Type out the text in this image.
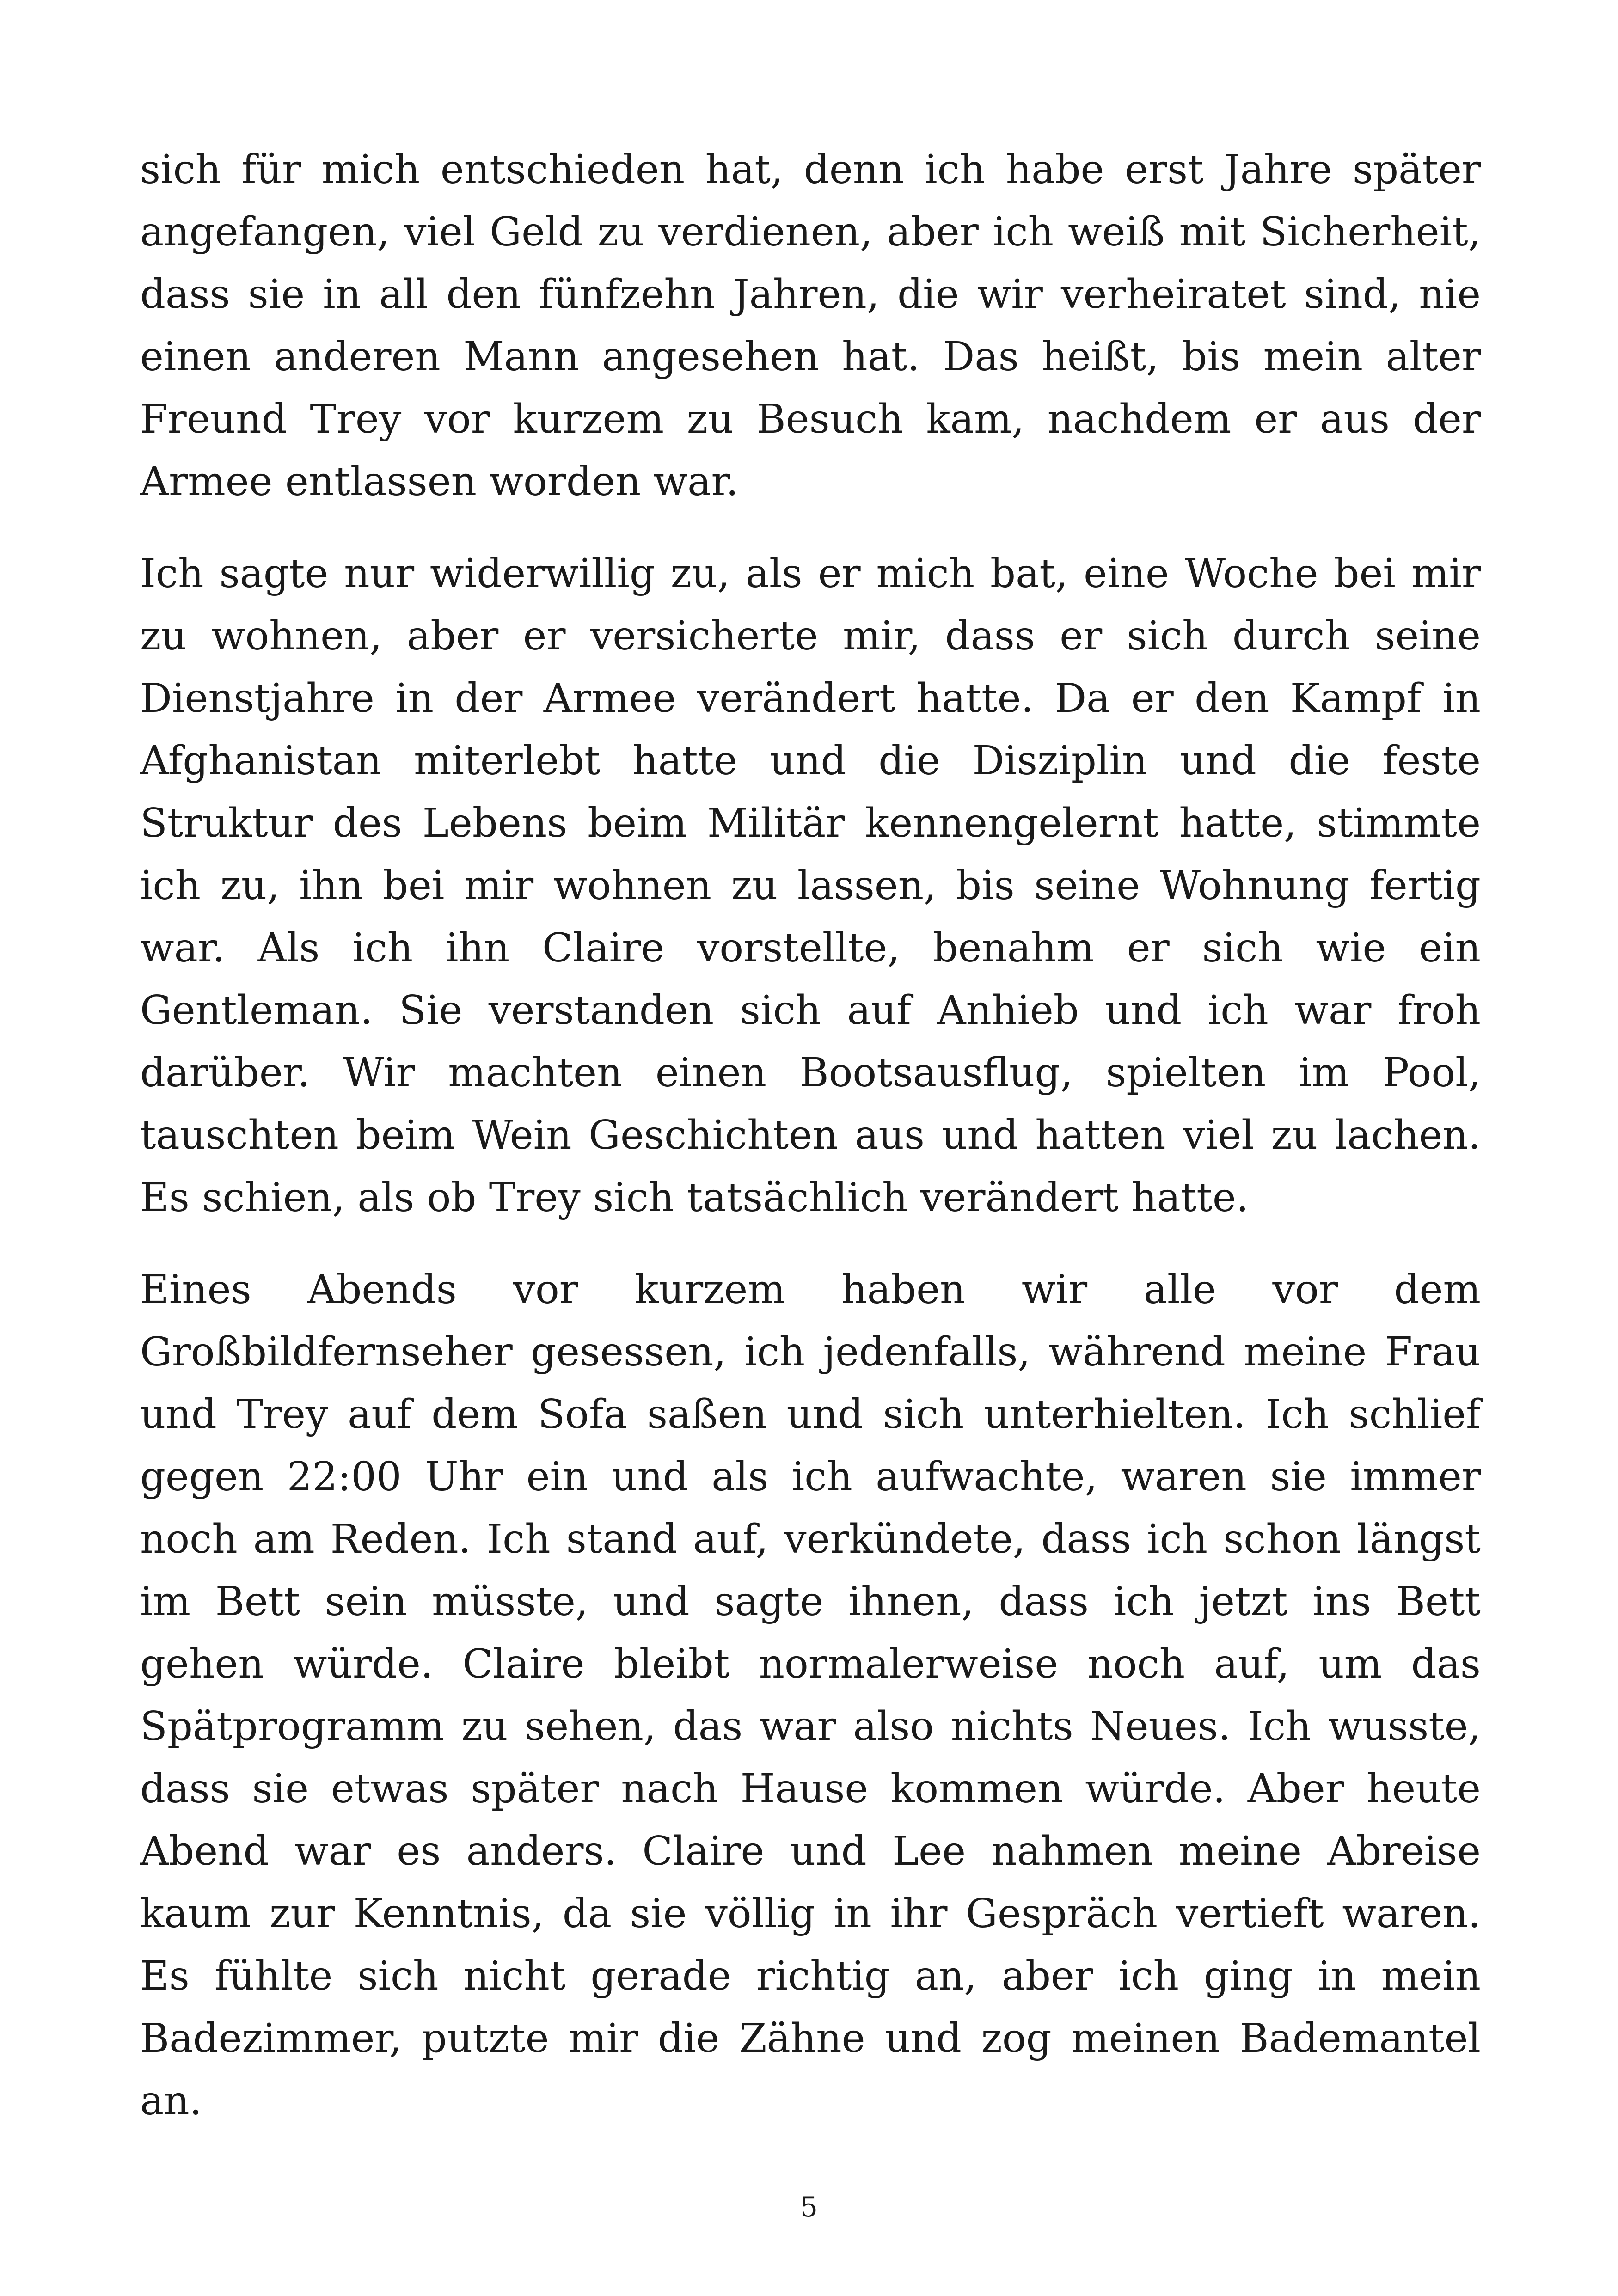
sich für mich entschieden hat, denn ich habe erst Jahre später angefangen, viel Geld zu verdienen, aber ich weiß mit Sicherheit, dass sie in all den fünfzehn Jahren, die wir verheiratet sind, nie einen anderen Mann angesehen hat. Das heißt, bis mein alter Freund Trey vor kurzem zu Besuch kam, nachdem er aus der Armee entlassen worden war.

Ich sagte nur widerwillig zu, als er mich bat, eine Woche bei mir zu wohnen, aber er versicherte mir, dass er sich durch seine Dienstjahre in der Armee verändert hatte. Da er den Kampf in Afghanistan miterlebt hatte und die Disziplin und die feste Struktur des Lebens beim Militär kennengelernt hatte, stimmte ich zu, ihn bei mir wohnen zu lassen, bis seine Wohnung fertig war. Als ich ihn Claire vorstellte, benahm er sich wie ein Gentleman. Sie verstanden sich auf Anhieb und ich war froh darüber. Wir machten einen Bootsausflug, spielten im Pool, tauschten beim Wein Geschichten aus und hatten viel zu lachen. Es schien, als ob Trey sich tatsächlich verändert hatte.

Eines Abends vor kurzem haben wir alle vor dem Großbildfernseher gesessen, ich jedenfalls, während meine Frau und Trey auf dem Sofa saßen und sich unterhielten. Ich schlief gegen 22:00 Uhr ein und als ich aufwachte, waren sie immer noch am Reden. Ich stand auf, verkündete, dass ich schon längst im Bett sein müsste, und sagte ihnen, dass ich jetzt ins Bett gehen würde. Claire bleibt normalerweise noch auf, um das Spätprogramm zu sehen, das war also nichts Neues. Ich wusste, dass sie etwas später nach Hause kommen würde. Aber heute Abend war es anders. Claire und Lee nahmen meine Abreise kaum zur Kenntnis, da sie völlig in ihr Gespräch vertieft waren. Es fühlte sich nicht gerade richtig an, aber ich ging in mein Badezimmer, putzte mir die Zähne und zog meinen Bademantel an.

5
